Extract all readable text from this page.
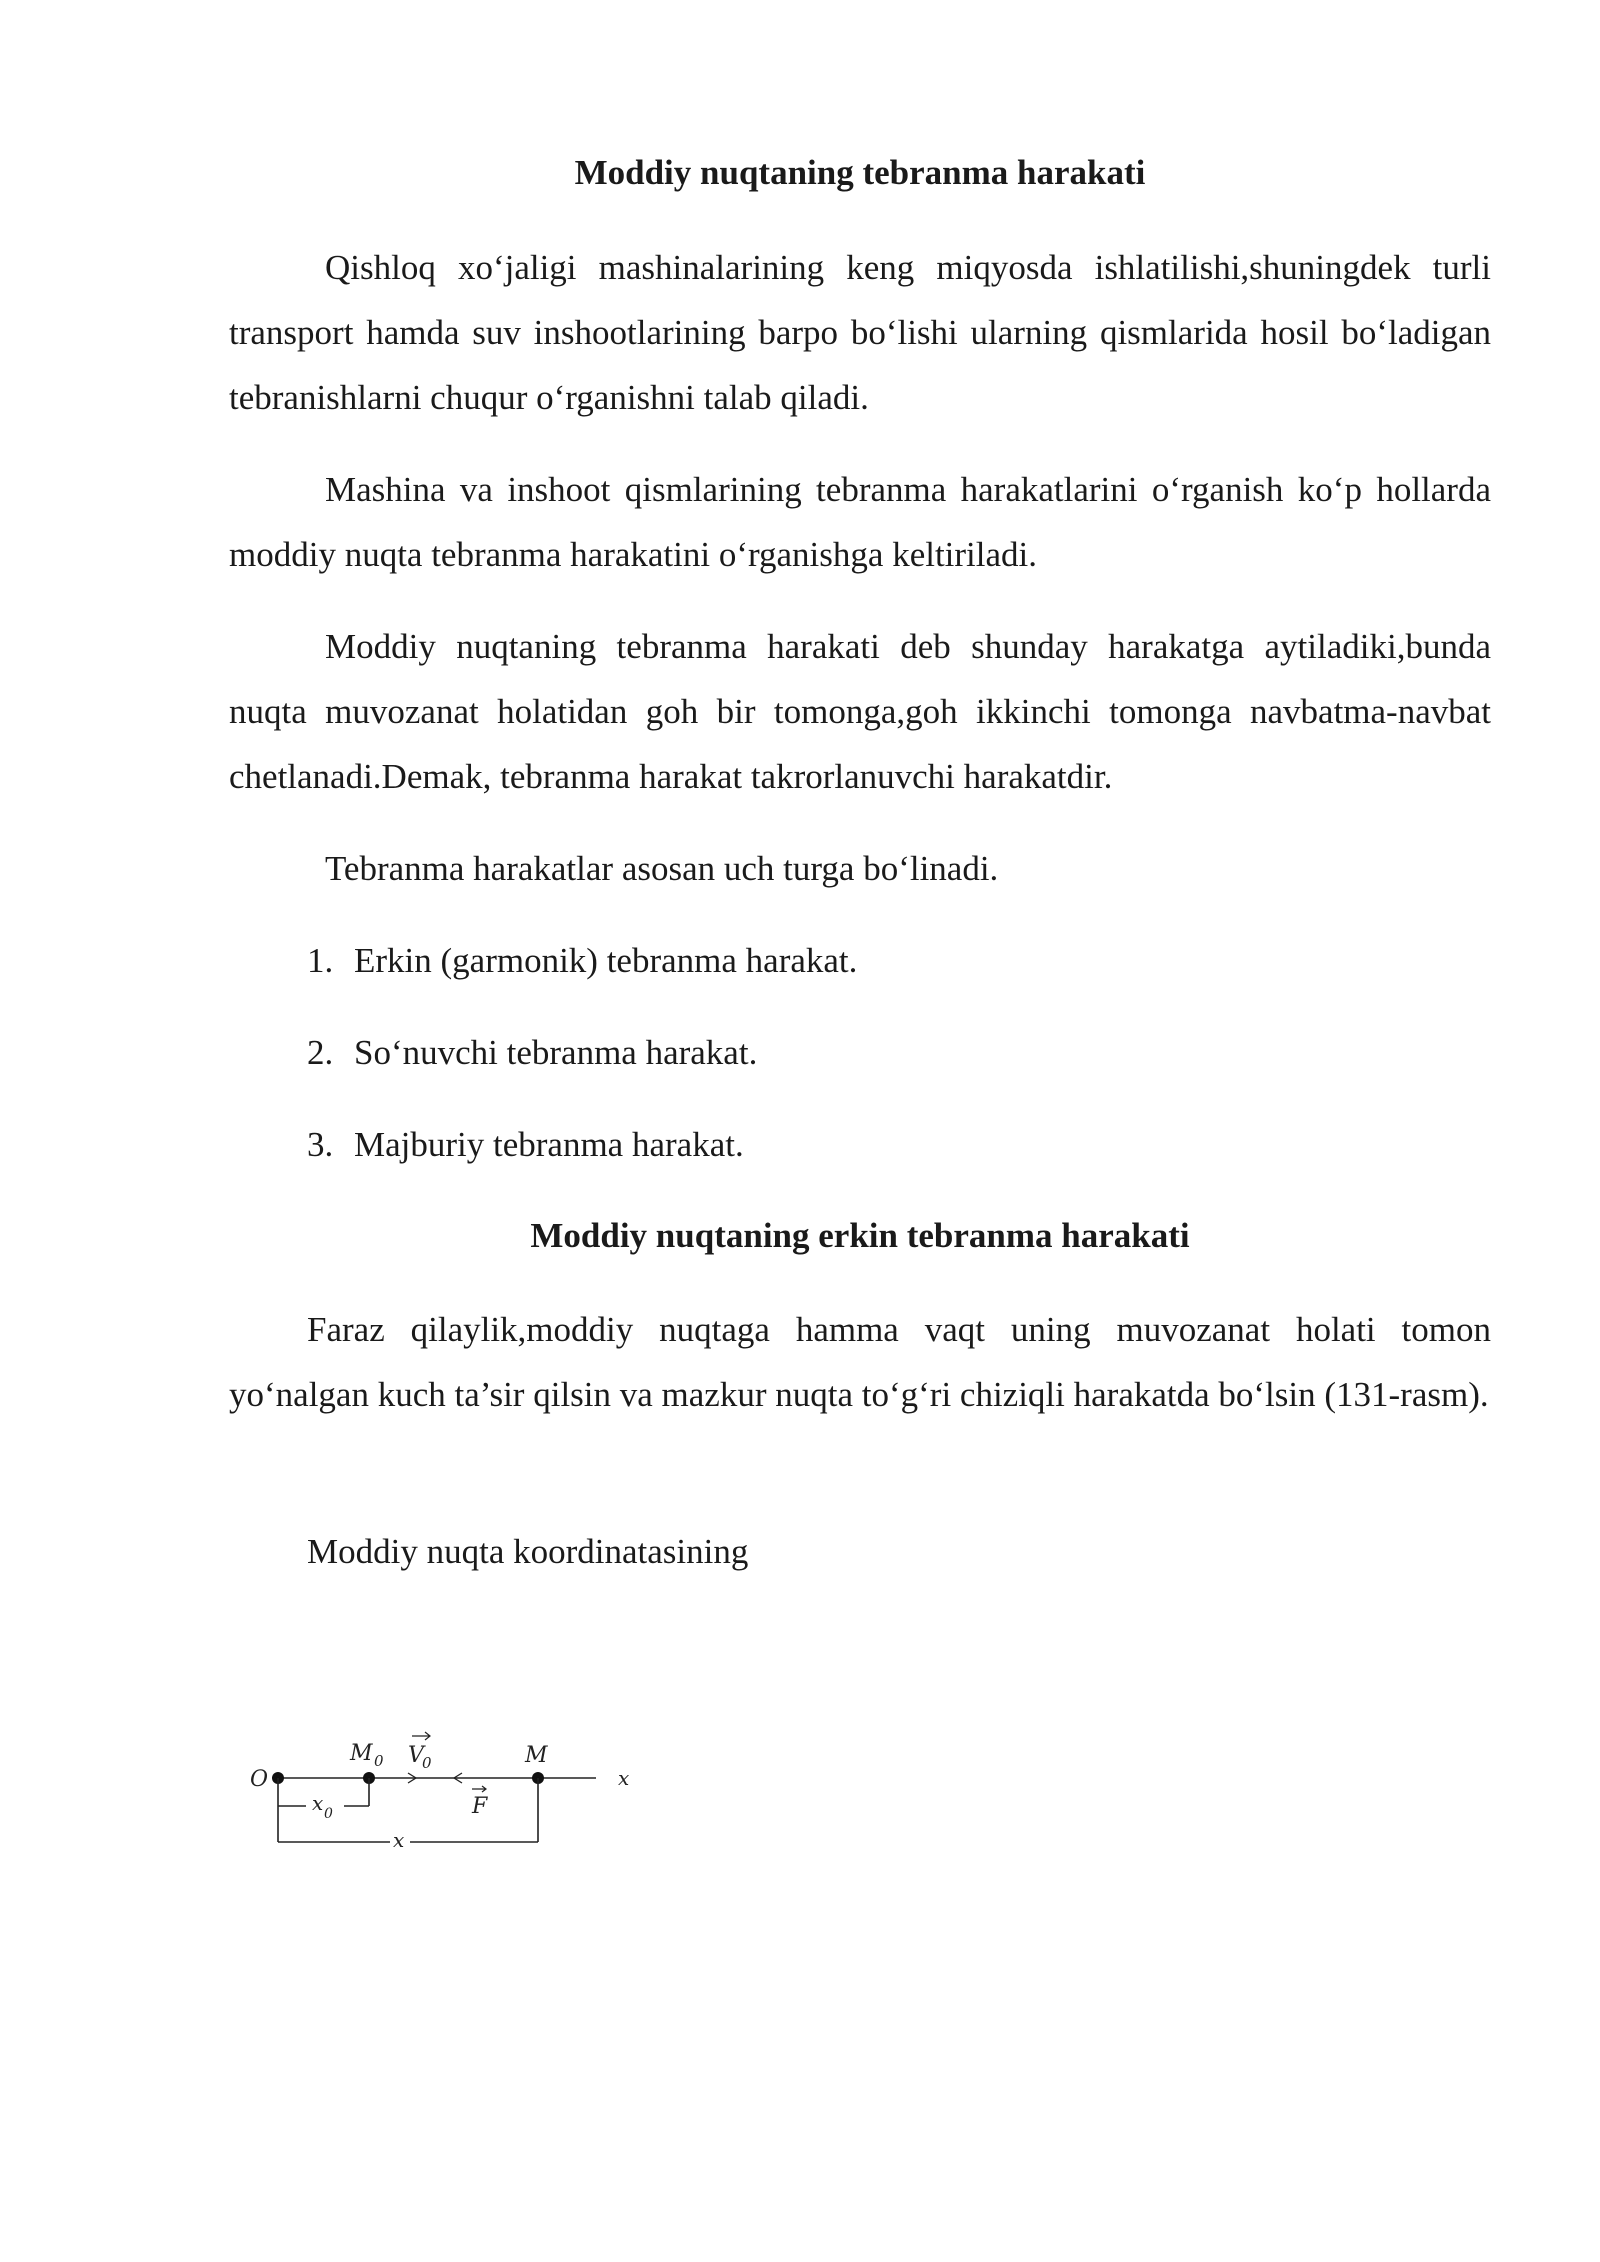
Moddiy nuqtaning tebranma harakati

Qishloq xo‘jaligi mashinalarining keng miqyosda ishlatilishi,shuningdek turli transport hamda suv inshootlarining barpo bo‘lishi ularning qismlarida hosil bo‘ladigan tebranishlarni chuqur o‘rganishni talab qiladi.

Mashina va inshoot qismlarining tebranma harakatlarini o‘rganish ko‘p hollarda moddiy nuqta tebranma harakatini o‘rganishga keltiriladi.

Moddiy nuqtaning tebranma harakati deb shunday harakatga aytiladiki,bunda nuqta muvozanat holatidan goh bir tomonga,goh ikkinchi tomonga navbatma-navbat chetlanadi.Demak, tebranma harakat takrorlanuvchi harakatdir.

Tebranma harakatlar asosan uch turga bo‘linadi.

1. Erkin (garmonik) tebranma harakat.
2. So‘nuvchi tebranma harakat.
3. Majburiy tebranma harakat.
Moddiy nuqtaning erkin tebranma harakati

Faraz qilaylik,moddiy nuqtaga hamma vaqt uning muvozanat holati tomon yo‘nalgan kuch ta’sir qilsin va mazkur nuqta to‘g‘ri chiziqli harakatda bo‘lsin (131-rasm).

Moddiy nuqta koordinatasining

O
M 0 V
0	M
F
x
x 0
x
